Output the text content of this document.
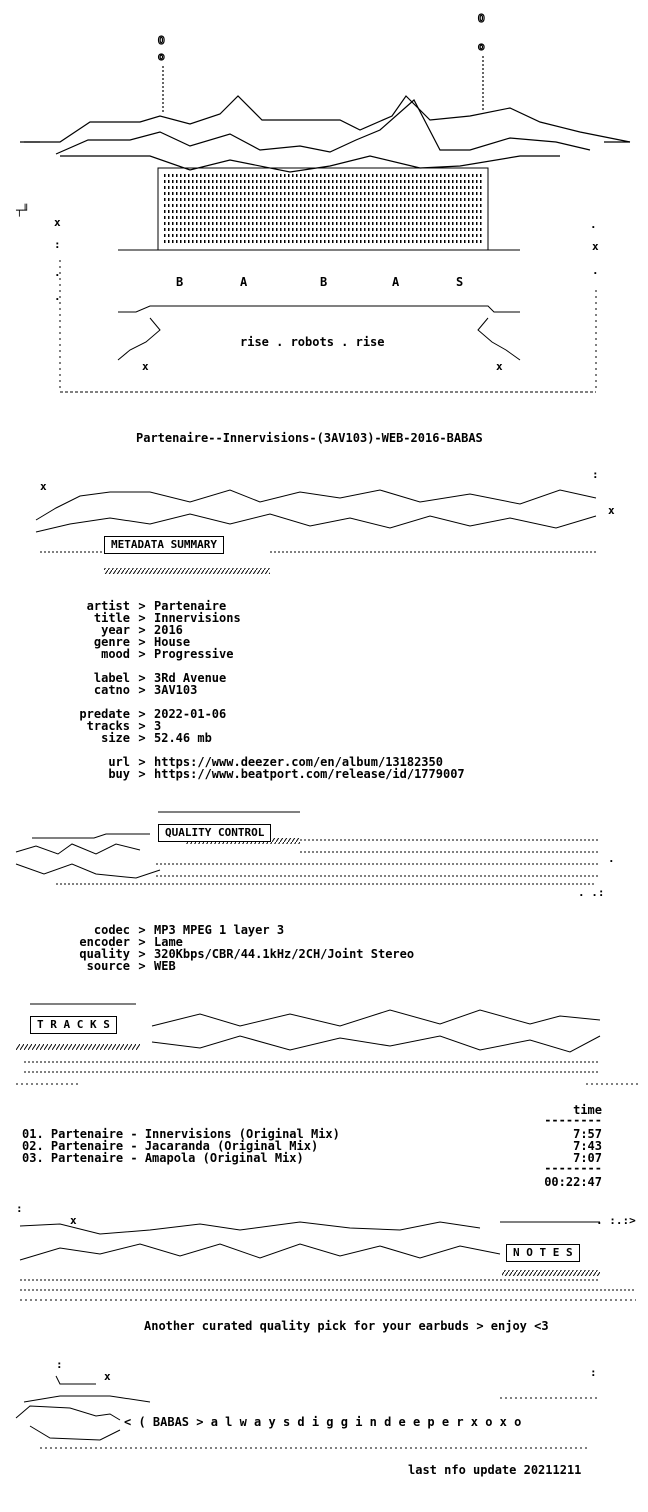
O
o
O
o
┬╜
x	.
x
:
.
.
.
x	x
B	A	B	A	S
rise . robots . rise
Partenaire--Innervisions-(3AV103)-WEB-2016-BABAS
x
x
:
METADATA SUMMARY
artist > Partenaire
title > Innervisions
year > 2016
genre > House
mood > Progressive
label > 3Rd Avenue
catno > 3AV103
predate > 2022-01-06
tracks > 3
size > 52.46 mb
url > https://www.deezer.com/en/album/13182350
buy > https://www.beatport.com/release/id/1779007
.
. .:
QUALITY CONTROL
codec > MP3 MPEG 1 layer 3
encoder > Lame
quality > 320Kbps/CBR/44.1kHz/2CH/Joint Stereo
source > WEB
T R A C K S
time
--------
01. Partenaire - Innervisions (Original Mix)	7:57
02. Partenaire - Jacaranda (Original Mix)	7:43
03. Partenaire - Amapola (Original Mix)	7:07
--------
00:22:47
:
x	. :.:>
N O T E S
Another curated quality pick for your earbuds > enjoy <3
:
x	:
< ( BABAS > a l w a y s d i g g i n d e e p e r x o x o
last nfo update 20211211
